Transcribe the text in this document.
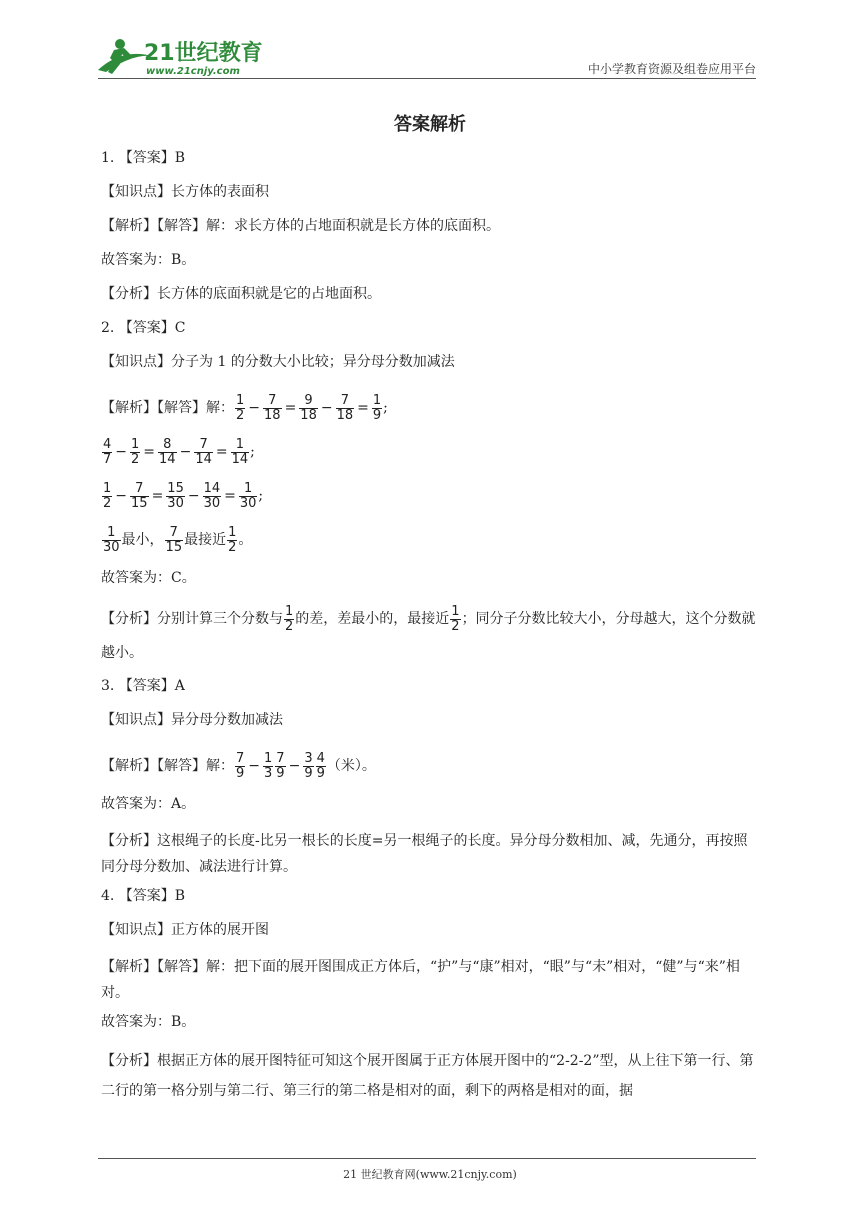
21世纪教育
www.21cnjy.com	中小学教育资源及组卷应用平台
答案解析
1. 【答案】B
【知识点】长方体的表面积
【解析】【解答】解：求长方体的占地面积就是长方体的底面积。
故答案为：B。
【分析】长方体的底面积就是它的占地面积。
2. 【答案】C
【知识点】分子为 1 的分数大小比较；异分母分数加减法
【解析】【解答】解： $\frac{1}{2} - \frac{7}{18} = \frac{9}{18} - \frac{7}{18} = \frac{1}{9}$ ;
$\frac{4}{7} - \frac{1}{2} = \frac{8}{14} - \frac{7}{14} = \frac{1}{14}$ ;
$\frac{1}{2} - \frac{7}{15} = \frac{15}{30} - \frac{14}{30} = \frac{1}{30}$ ;
$\frac{1}{30}$ 最小， $\frac{7}{15}$ 最接近 $\frac{1}{2}$ 。
故答案为：C。
【分析】分别计算三个分数与 $\frac{1}{2}$ 的差，差最小的，最接近 $\frac{1}{2}$ ；同分子分数比较大小，分母越大，这个分数就越小。
3. 【答案】A
【知识点】异分母分数加减法
【解析】【解答】解： $\frac{7}{9} - \frac{1}{3} \frac{7}{9} - \frac{3}{9} \frac{4}{9}$ （米）。
故答案为：A。
【分析】这根绳子的长度-比另一根长的长度=另一根绳子的长度。异分母分数相加、减，先通分，再按照同分母分数加、减法进行计算。
4. 【答案】B
【知识点】正方体的展开图
【解析】【解答】解：把下面的展开图围成正方体后，“护”与“康”相对，“眼”与“未”相对，“健”与“来”相对。
故答案为：B。
【分析】根据正方体的展开图特征可知这个展开图属于正方体展开图中的“2-2-2”型，从上往下第一行、第二行的第一格分别与第二行、第三行的第二格是相对的面，剩下的两格是相对的面，据
21 世纪教育网(www.21cnjy.com)
